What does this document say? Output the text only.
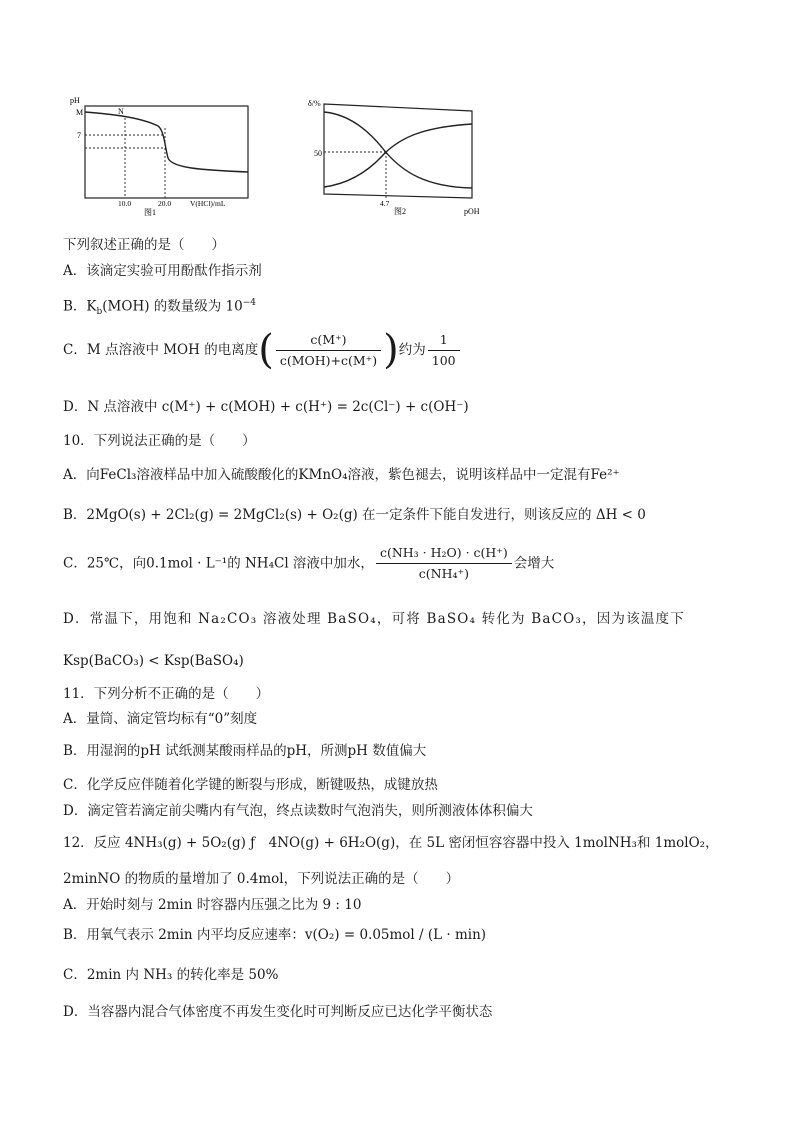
pH
M	N
7
10.0	20.0	V(HCl)/mL
图1
δ/%
50
4.7
pOH
图2
下列叙述正确的是（　　）
A．该滴定实验可用酚酞作指示剂
B．$K_b(MOH)$ 的数量级为 $10^{-4}$
C．M 点溶液中 MOH 的电离度( $\frac{c(M^+)}{\text{c(MOH)+c(M⁺)}}$ )约为 $\frac{1}{100}$
D．N 点溶液中 c(M⁺) + c(MOH) + c(H⁺) = 2c(Cl⁻) + c(OH⁻)
10．下列说法正确的是（　　）
A．向FeCl₃溶液样品中加入硫酸酸化的KMnO₄溶液，紫色褪去，说明该样品中一定混有Fe²⁺
B．2MgO(s) + 2Cl₂(g) = 2MgCl₂(s) + O₂(g) 在一定条件下能自发进行，则该反应的 ΔH < 0
C．25℃，向0.1mol · L⁻¹的 NH₄Cl 溶液中加水， $\frac{\text{c(NH₃ · H₂O) · c(H⁺)}}{\text{c(NH₄⁺)}}$ 会增大
D．常温下，用饱和 Na₂CO₃ 溶液处理 BaSO₄，可将 BaSO₄ 转化为 BaCO₃，因为该温度下
Ksp(BaCO₃) < Ksp(BaSO₄)
11．下列分析不正确的是（　　）
A．量筒、滴定管均标有“0”刻度
B．用湿润的pH 试纸测某酸雨样品的pH，所测pH 数值偏大
C．化学反应伴随着化学键的断裂与形成，断键吸热，成键放热
D．滴定管若滴定前尖嘴内有气泡，终点读数时气泡消失，则所测液体体积偏大
12．反应 4NH₃(g) + 5O₂(g) ƒ　4NO(g) + 6H₂O(g)，在 5L 密闭恒容容器中投入 1molNH₃和 1molO₂，
2minNO 的物质的量增加了 0.4mol，下列说法正确的是（　　）
A．开始时刻与 2min 时容器内压强之比为 9 : 10
B．用氧气表示 2min 内平均反应速率：v(O₂) = 0.05mol / (L · min)
C．2min 内 NH₃ 的转化率是 50%
D．当容器内混合气体密度不再发生变化时可判断反应已达化学平衡状态
